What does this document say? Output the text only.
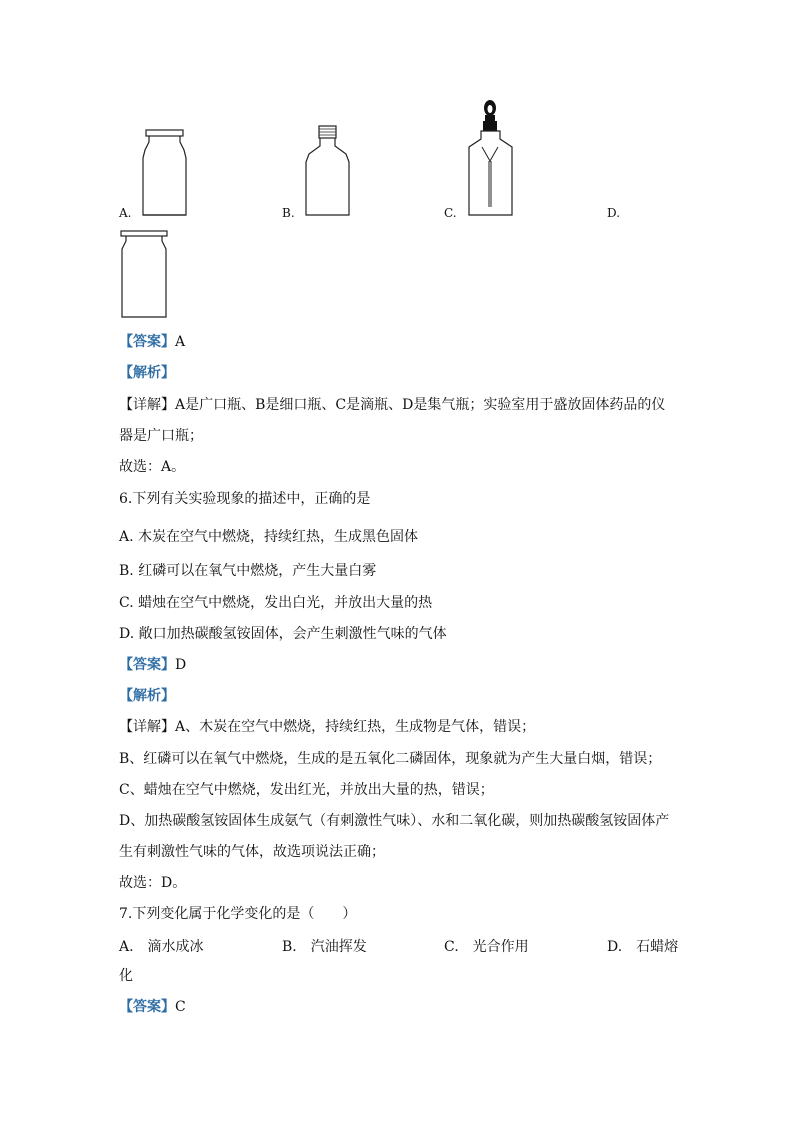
A.	B.	C.	D.
【答案】A
【解析】
【详解】A是广口瓶、B是细口瓶、C是滴瓶、D是集气瓶；实验室用于盛放固体药品的仪
器是广口瓶；
故选：A。
6.下列有关实验现象的描述中，正确的是
A. 木炭在空气中燃烧，持续红热，生成黑色固体
B. 红磷可以在氧气中燃烧，产生大量白雾
C. 蜡烛在空气中燃烧，发出白光，并放出大量的热
D. 敞口加热碳酸氢铵固体，会产生刺激性气味的气体
【答案】D
【解析】
【详解】A、木炭在空气中燃烧，持续红热，生成物是气体，错误；
B、红磷可以在氧气中燃烧，生成的是五氧化二磷固体，现象就为产生大量白烟，错误；
C、蜡烛在空气中燃烧，发出红光，并放出大量的热，错误；
D、加热碳酸氢铵固体生成氨气（有刺激性气味）、水和二氧化碳，则加热碳酸氢铵固体产
生有刺激性气味的气体，故选项说法正确；
故选：D。
7.下列变化属于化学变化的是（　　）
A.　滴水成冰	B.　汽油挥发	C.　光合作用	D.　石蜡熔
化
【答案】C
